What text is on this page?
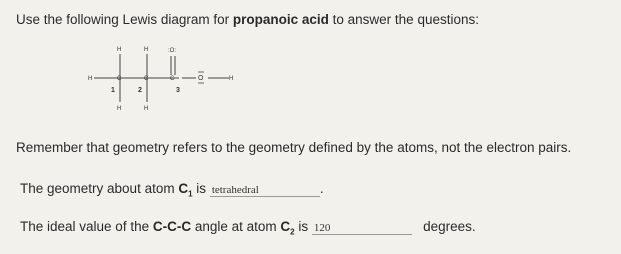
Use the following Lewis diagram for propanoic acid to answer the questions:
H	H	:O:
H	C	C	C	O	H
1	2	3
H	H
Remember that geometry refers to the geometry defined by the atoms, not the electron pairs.
The geometry about atom $C_1$ is tetrahedral	.
The ideal value of the C-C-C angle at atom $C_2$ is 120	degrees.
